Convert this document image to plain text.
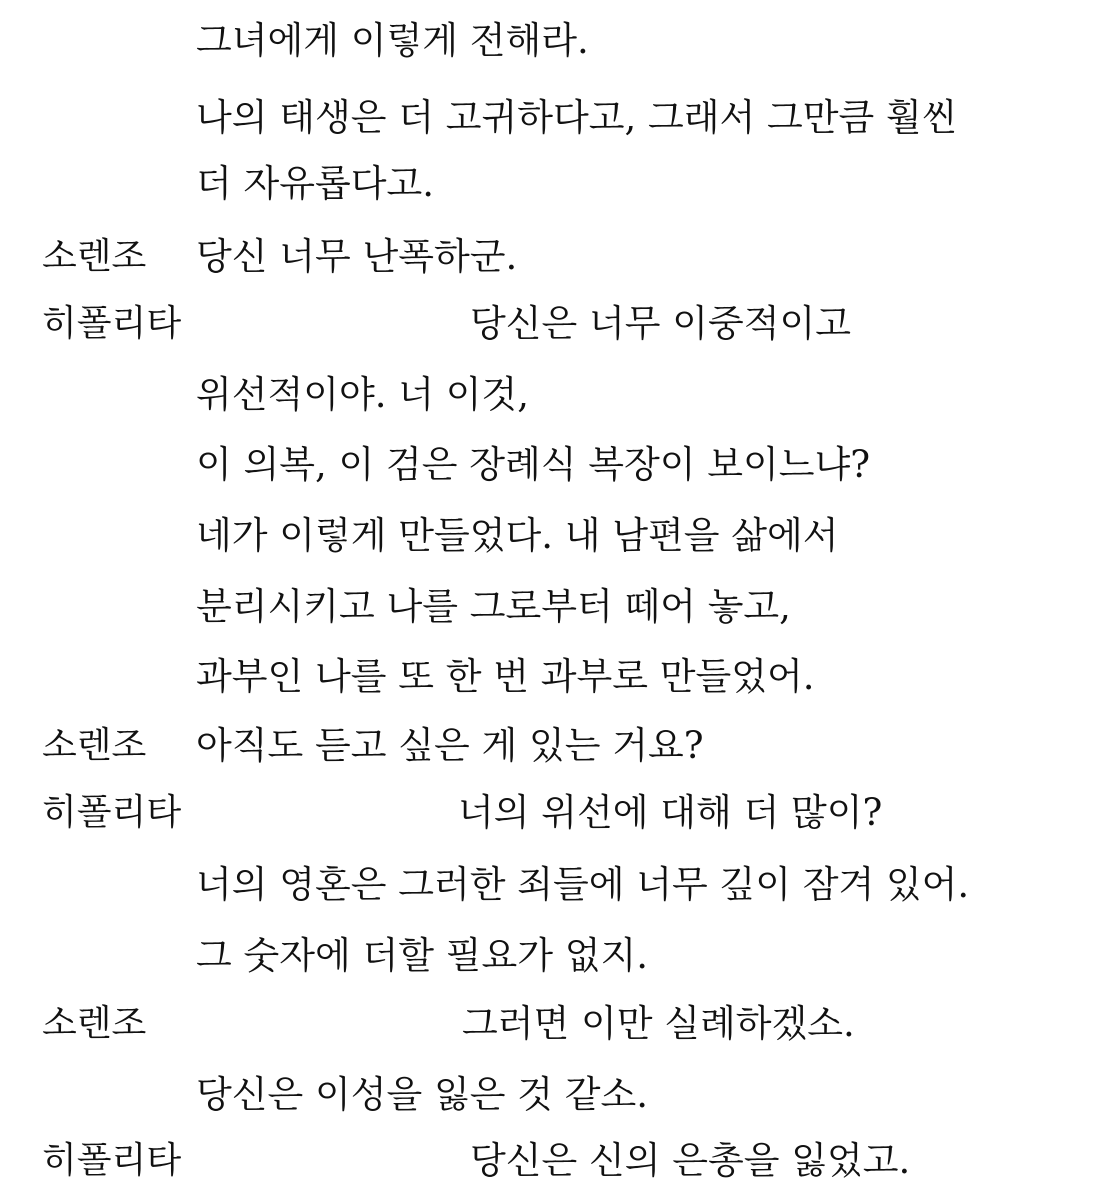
그녀에게 이렇게 전해라.
나의 태생은 더 고귀하다고, 그래서 그만큼 훨씬
더 자유롭다고.
소렌조 당신 너무 난폭하군.
히폴리타	당신은 너무 이중적이고
위선적이야. 너 이것,
이 의복, 이 검은 장례식 복장이 보이느냐?
네가 이렇게 만들었다. 내 남편을 삶에서
분리시키고 나를 그로부터 떼어 놓고,
과부인 나를 또 한 번 과부로 만들었어.
소렌조 아직도 듣고 싶은 게 있는 거요?
히폴리타	너의 위선에 대해 더 많이?
너의 영혼은 그러한 죄들에 너무 깊이 잠겨 있어.
그 숫자에 더할 필요가 없지.
소렌조	그러면 이만 실례하겠소.
당신은 이성을 잃은 것 같소.
히폴리타	당신은 신의 은총을 잃었고.
